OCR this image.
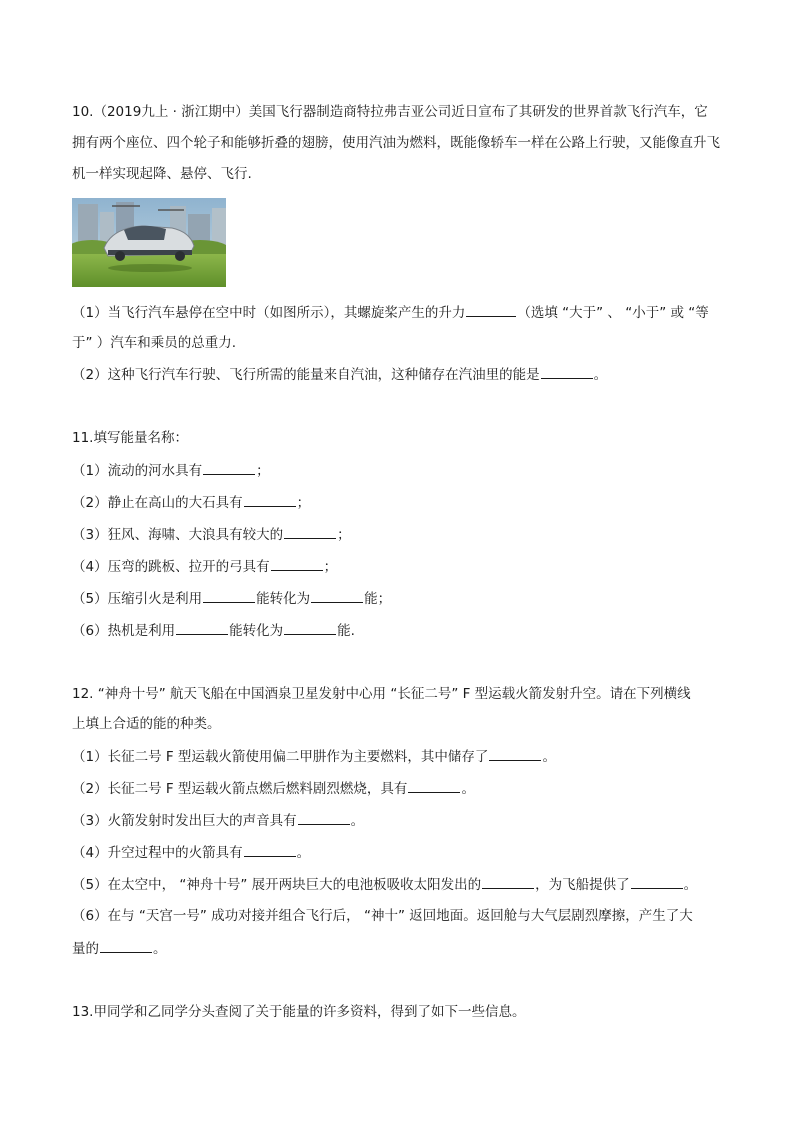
10.（2019九上 · 浙江期中）美国飞行器制造商特拉弗吉亚公司近日宣布了其研发的世界首款飞行汽车，它
拥有两个座位、四个轮子和能够折叠的翅膀，使用汽油为燃料，既能像轿车一样在公路上行驶，又能像直升飞
机一样实现起降、悬停、飞行.
（1）当飞行汽车悬停在空中时（如图所示），其螺旋桨产生的升力	（选填 “大于” 、 “小于” 或 “等
于” ）汽车和乘员的总重力.
（2）这种飞行汽车行驶、飞行所需的能量来自汽油，这种储存在汽油里的能是	。
11.填写能量名称：
（1）流动的河水具有	；
（2）静止在高山的大石具有	；
（3）狂风、海啸、大浪具有较大的	；
（4）压弯的跳板、拉开的弓具有	；
（5）压缩引火是利用	能转化为	能；
（6）热机是利用	能转化为	能.
12. “神舟十号” 航天飞船在中国酒泉卫星发射中心用 “长征二号” F 型运载火箭发射升空。请在下列横线
上填上合适的能的种类。
（1）长征二号 F 型运载火箭使用偏二甲肼作为主要燃料，其中储存了	。
（2）长征二号 F 型运载火箭点燃后燃料剧烈燃烧，具有	。
（3）火箭发射时发出巨大的声音具有	。
（4）升空过程中的火箭具有	。
（5）在太空中， “神舟十号” 展开两块巨大的电池板吸收太阳发出的	，为飞船提供了	。
（6）在与 “天宫一号” 成功对接并组合飞行后， “神十” 返回地面。返回舱与大气层剧烈摩擦，产生了大
量的	。
13.甲同学和乙同学分头查阅了关于能量的许多资料，得到了如下一些信息。
